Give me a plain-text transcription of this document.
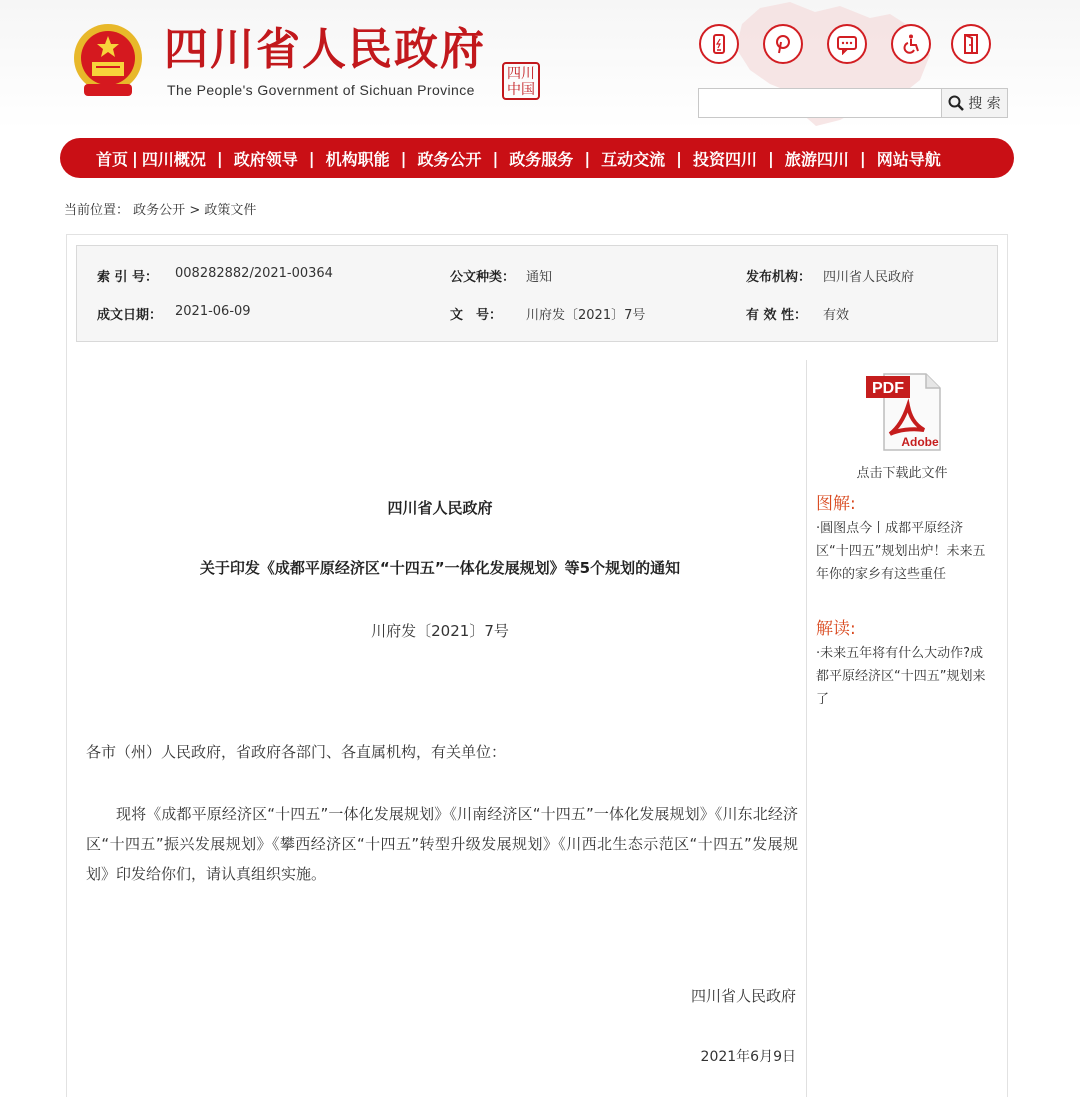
四川省人民政府
The People's Government of Sichuan Province
四川
中国
搜 索
首页 | 四川概况 | 政府领导 | 机构职能 | 政务公开 | 政务服务 | 互动交流 | 投资四川 | 旅游四川 | 网站导航
当前位置： 政务公开 > 政策文件
索 引 号： 008282882/2021-00364	公文种类： 通知	发布机构： 四川省人民政府
成文日期： 2021-06-09	文　号： 川府发〔2021〕7号	有 效 性： 有效
四川省人民政府
关于印发《成都平原经济区“十四五”一体化发展规划》等5个规划的通知
川府发〔2021〕7号
各市（州）人民政府，省政府各部门、各直属机构，有关单位：
现将《成都平原经济区“十四五”一体化发展规划》《川南经济区“十四五”一体化发展规划》《川东北经济区“十四五”振兴发展规划》《攀西经济区“十四五”转型升级发展规划》《川西北生态示范区“十四五”发展规划》印发给你们，请认真组织实施。
四川省人民政府
2021年6月9日
PDF
Adobe
点击下载此文件
图解:
·圓图点今丨成都平原经济区“十四五”规划出炉！未来五年你的家乡有这些重任
解读:
·未来五年将有什么大动作?成都平原经济区“十四五”规划来了
